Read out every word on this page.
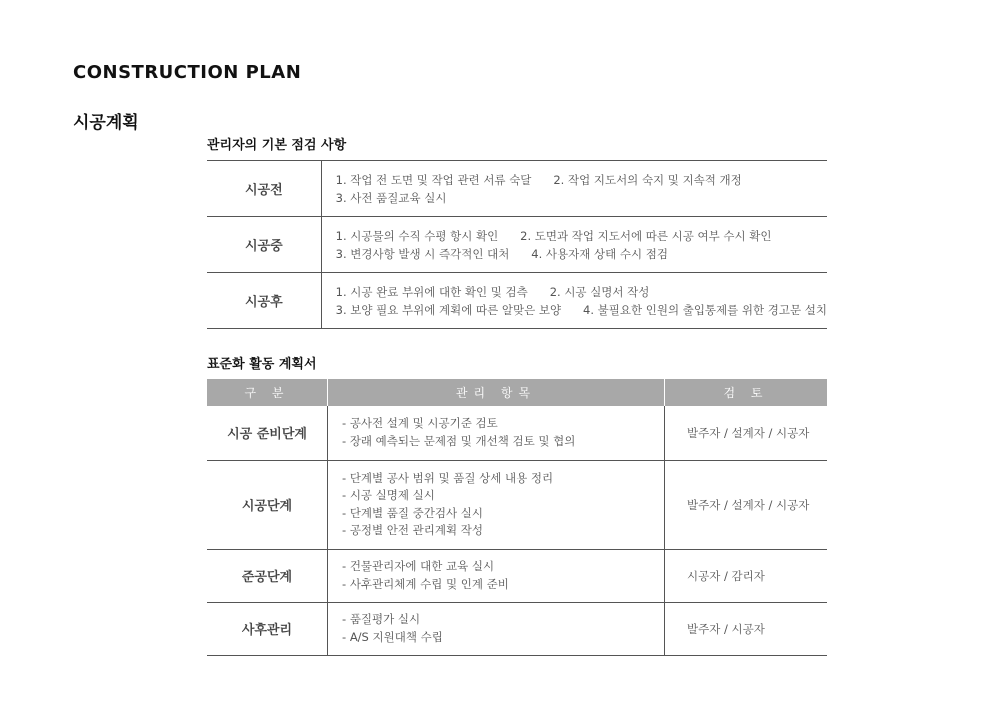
CONSTRUCTION PLAN
시공계획
관리자의 기본 점검 사항
시공전	1. 작업 전 도면 및 작업 관련 서류 숙달      2. 작업 지도서의 숙지 및 지속적 개정
3. 사전 품질교육 실시

시공중	1. 시공물의 수직 수평 항시 확인      2. 도면과 작업 지도서에 따른 시공 여부 수시 확인
3. 변경사항 발생 시 즉각적인 대처      4. 사용자재 상태 수시 점검

시공후	1. 시공 완료 부위에 대한 확인 및 검측      2. 시공 실명서 작성
3. 보양 필요 부위에 계획에 따른 알맞은 보양      4. 불필요한 인원의 출입통제를 위한 경고문 설치
표준화 활동 계획서
구 분	관리 항목	검 토
시공 준비단계	- 공사전 설계 및 시공기준 검토
- 장래 예측되는 문제점 및 개선책 검토 및 협의	발주자 / 설계자 / 시공자
시공단계	- 단계별 공사 범위 및 품질 상세 내용 정리
- 시공 실명제 실시
- 단계별 품질 중간검사 실시
- 공정별 안전 관리계획 작성	발주자 / 설계자 / 시공자
준공단계	- 건물관리자에 대한 교육 실시
- 사후관리체계 수립 및 인계 준비	시공자 / 감리자
사후관리	- 품질평가 실시
- A/S 지원대책 수립	발주자 / 시공자
